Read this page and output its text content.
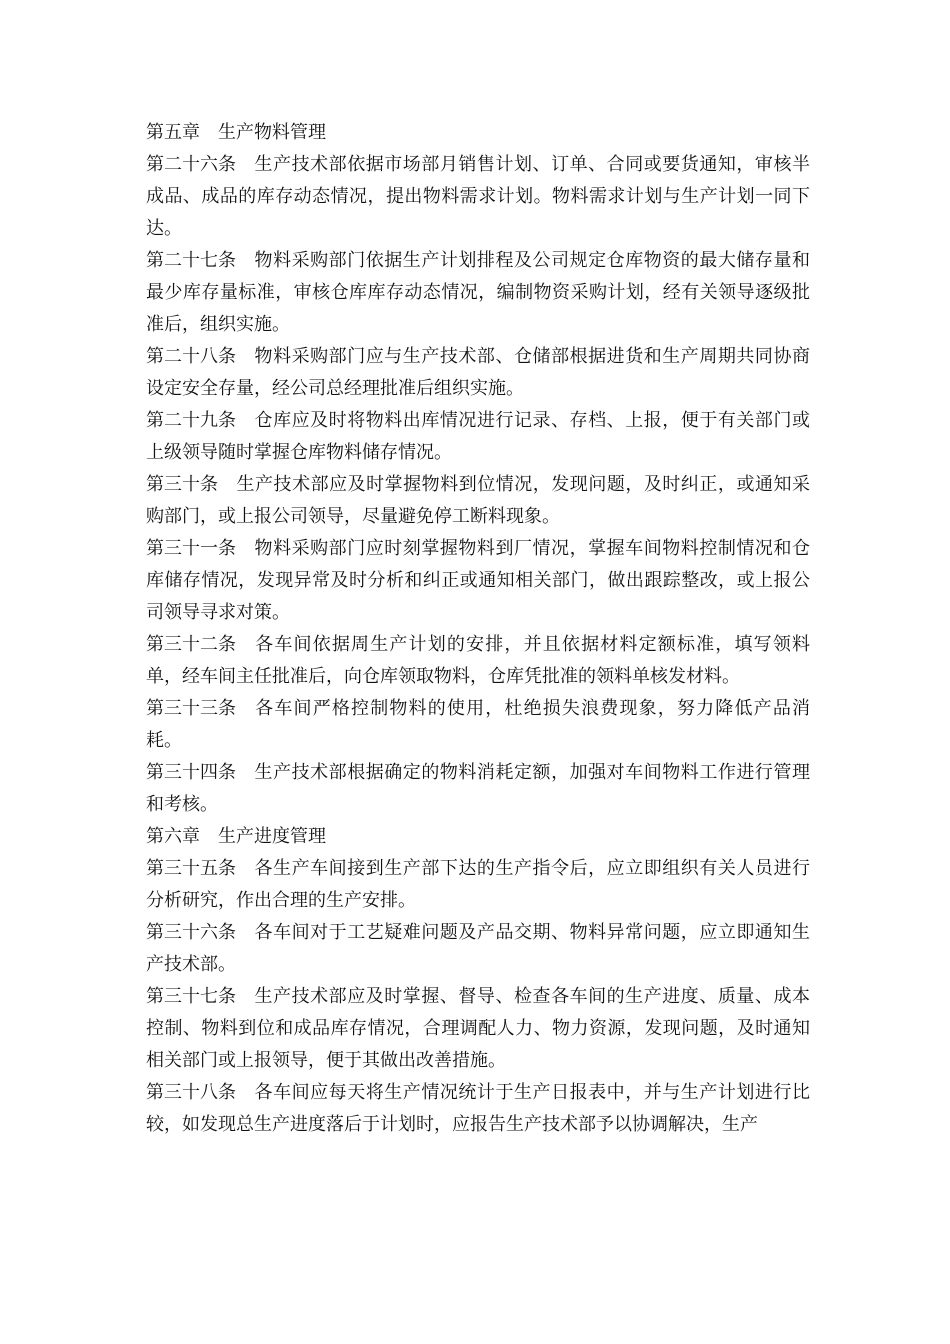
第五章 生产物料管理

第二十六条 生产技术部依据市场部月销售计划、订单、合同或要货通知，审核半成品、成品的库存动态情况，提出物料需求计划。物料需求计划与生产计划一同下达。

第二十七条 物料采购部门依据生产计划排程及公司规定仓库物资的最大储存量和最少库存量标准，审核仓库库存动态情况，编制物资采购计划，经有关领导逐级批准后，组织实施。

第二十八条 物料采购部门应与生产技术部、仓储部根据进货和生产周期共同协商设定安全存量，经公司总经理批准后组织实施。

第二十九条 仓库应及时将物料出库情况进行记录、存档、上报，便于有关部门或上级领导随时掌握仓库物料储存情况。

第三十条 生产技术部应及时掌握物料到位情况，发现问题，及时纠正，或通知采购部门，或上报公司领导，尽量避免停工断料现象。

第三十一条 物料采购部门应时刻掌握物料到厂情况，掌握车间物料控制情况和仓库储存情况，发现异常及时分析和纠正或通知相关部门，做出跟踪整改，或上报公司领导寻求对策。

第三十二条 各车间依据周生产计划的安排，并且依据材料定额标准，填写领料单，经车间主任批准后，向仓库领取物料，仓库凭批准的领料单核发材料。

第三十三条 各车间严格控制物料的使用，杜绝损失浪费现象，努力降低产品消耗。

第三十四条 生产技术部根据确定的物料消耗定额，加强对车间物料工作进行管理和考核。

第六章 生产进度管理

第三十五条 各生产车间接到生产部下达的生产指令后，应立即组织有关人员进行分析研究，作出合理的生产安排。

第三十六条 各车间对于工艺疑难问题及产品交期、物料异常问题，应立即通知生产技术部。

第三十七条 生产技术部应及时掌握、督导、检查各车间的生产进度、质量、成本控制、物料到位和成品库存情况，合理调配人力、物力资源，发现问题，及时通知相关部门或上报领导，便于其做出改善措施。

第三十八条 各车间应每天将生产情况统计于生产日报表中，并与生产计划进行比较，如发现总生产进度落后于计划时，应报告生产技术部予以协调解决，生产
